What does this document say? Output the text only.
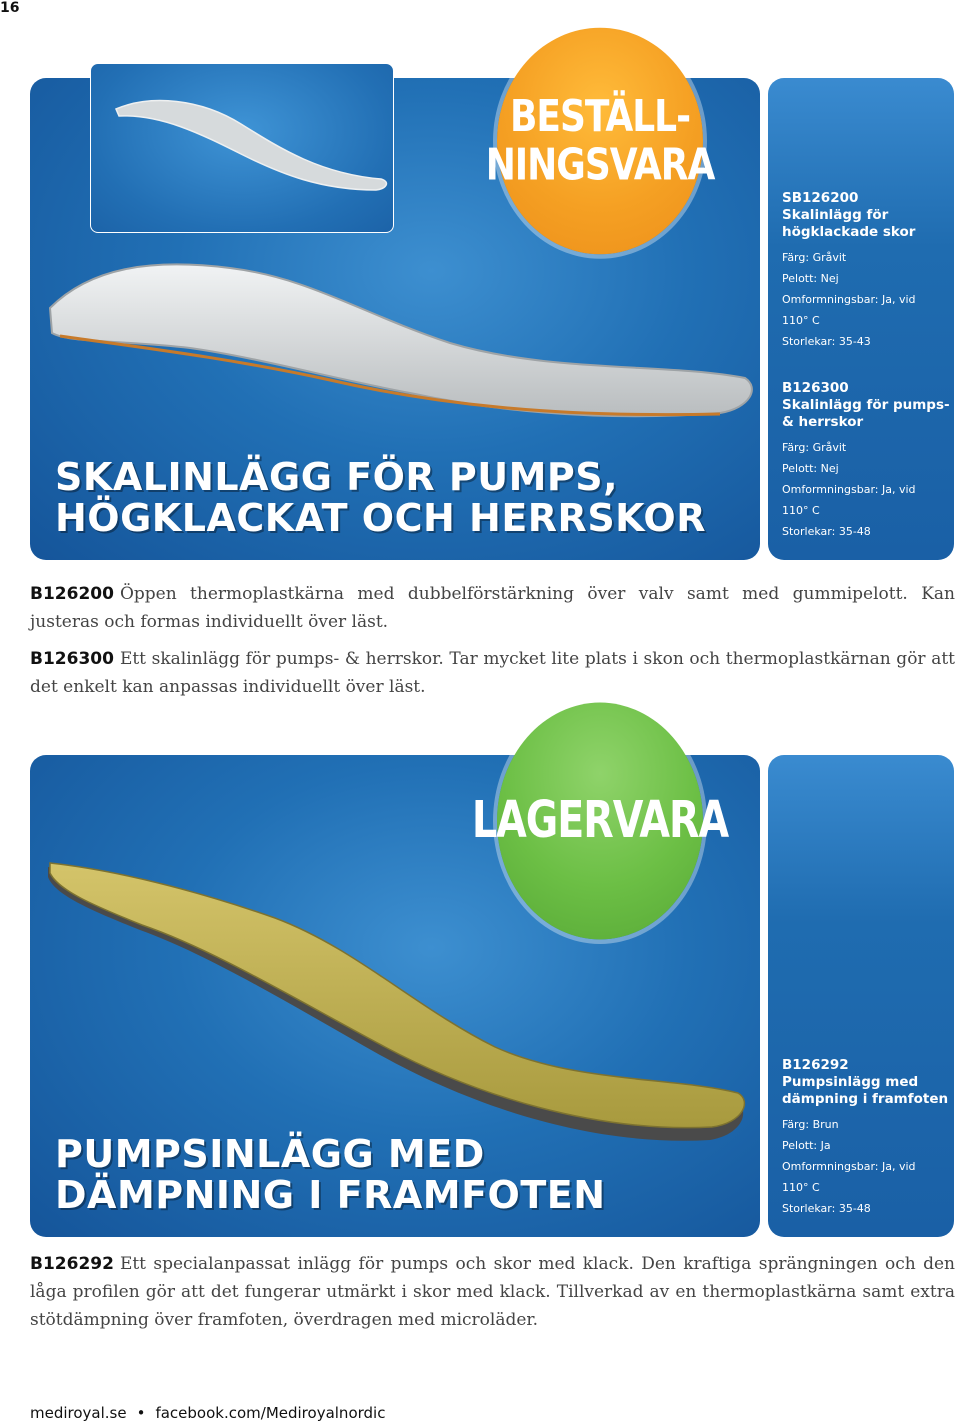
16
BESTÄLL-
NINGSVARA
SKALINLÄGG FÖR PUMPS,
HÖGKLACKAT OCH HERRSKOR
SB126200
Skalinlägg för högklackade skor
Färg: Gråvit
Pelott: Nej
Omformningsbar: Ja, vid
110° C
Storlekar: 35-43
B126300
Skalinlägg för pumps- & herrskor
Färg: Gråvit
Pelott: Nej
Omformningsbar: Ja, vid
110° C
Storlekar: 35-48

B126200 Öppen thermoplastkärna med dubbelförstärkning över valv samt med gummipelott. Kan justeras och formas individuellt över läst.

B126300 Ett skalinlägg för pumps- & herrskor. Tar mycket lite plats i skon och thermoplastkärnan gör att det enkelt kan anpassas individuellt över läst.

LAGERVARA
PUMPSINLÄGG MED
DÄMPNING I FRAMFOTEN
B126292
Pumpsinlägg med dämpning i framfoten
Färg: Brun
Pelott: Ja
Omformningsbar: Ja, vid
110° C
Storlekar: 35-48

B126292 Ett specialanpassat inlägg för pumps och skor med klack. Den kraftiga sprängningen och den låga profilen gör att det fungerar utmärkt i skor med klack. Tillverkad av en thermoplastkärna samt extra stötdämpning över framfoten, överdragen med microläder.

mediroyal.se • facebook.com/Mediroyalnordic
